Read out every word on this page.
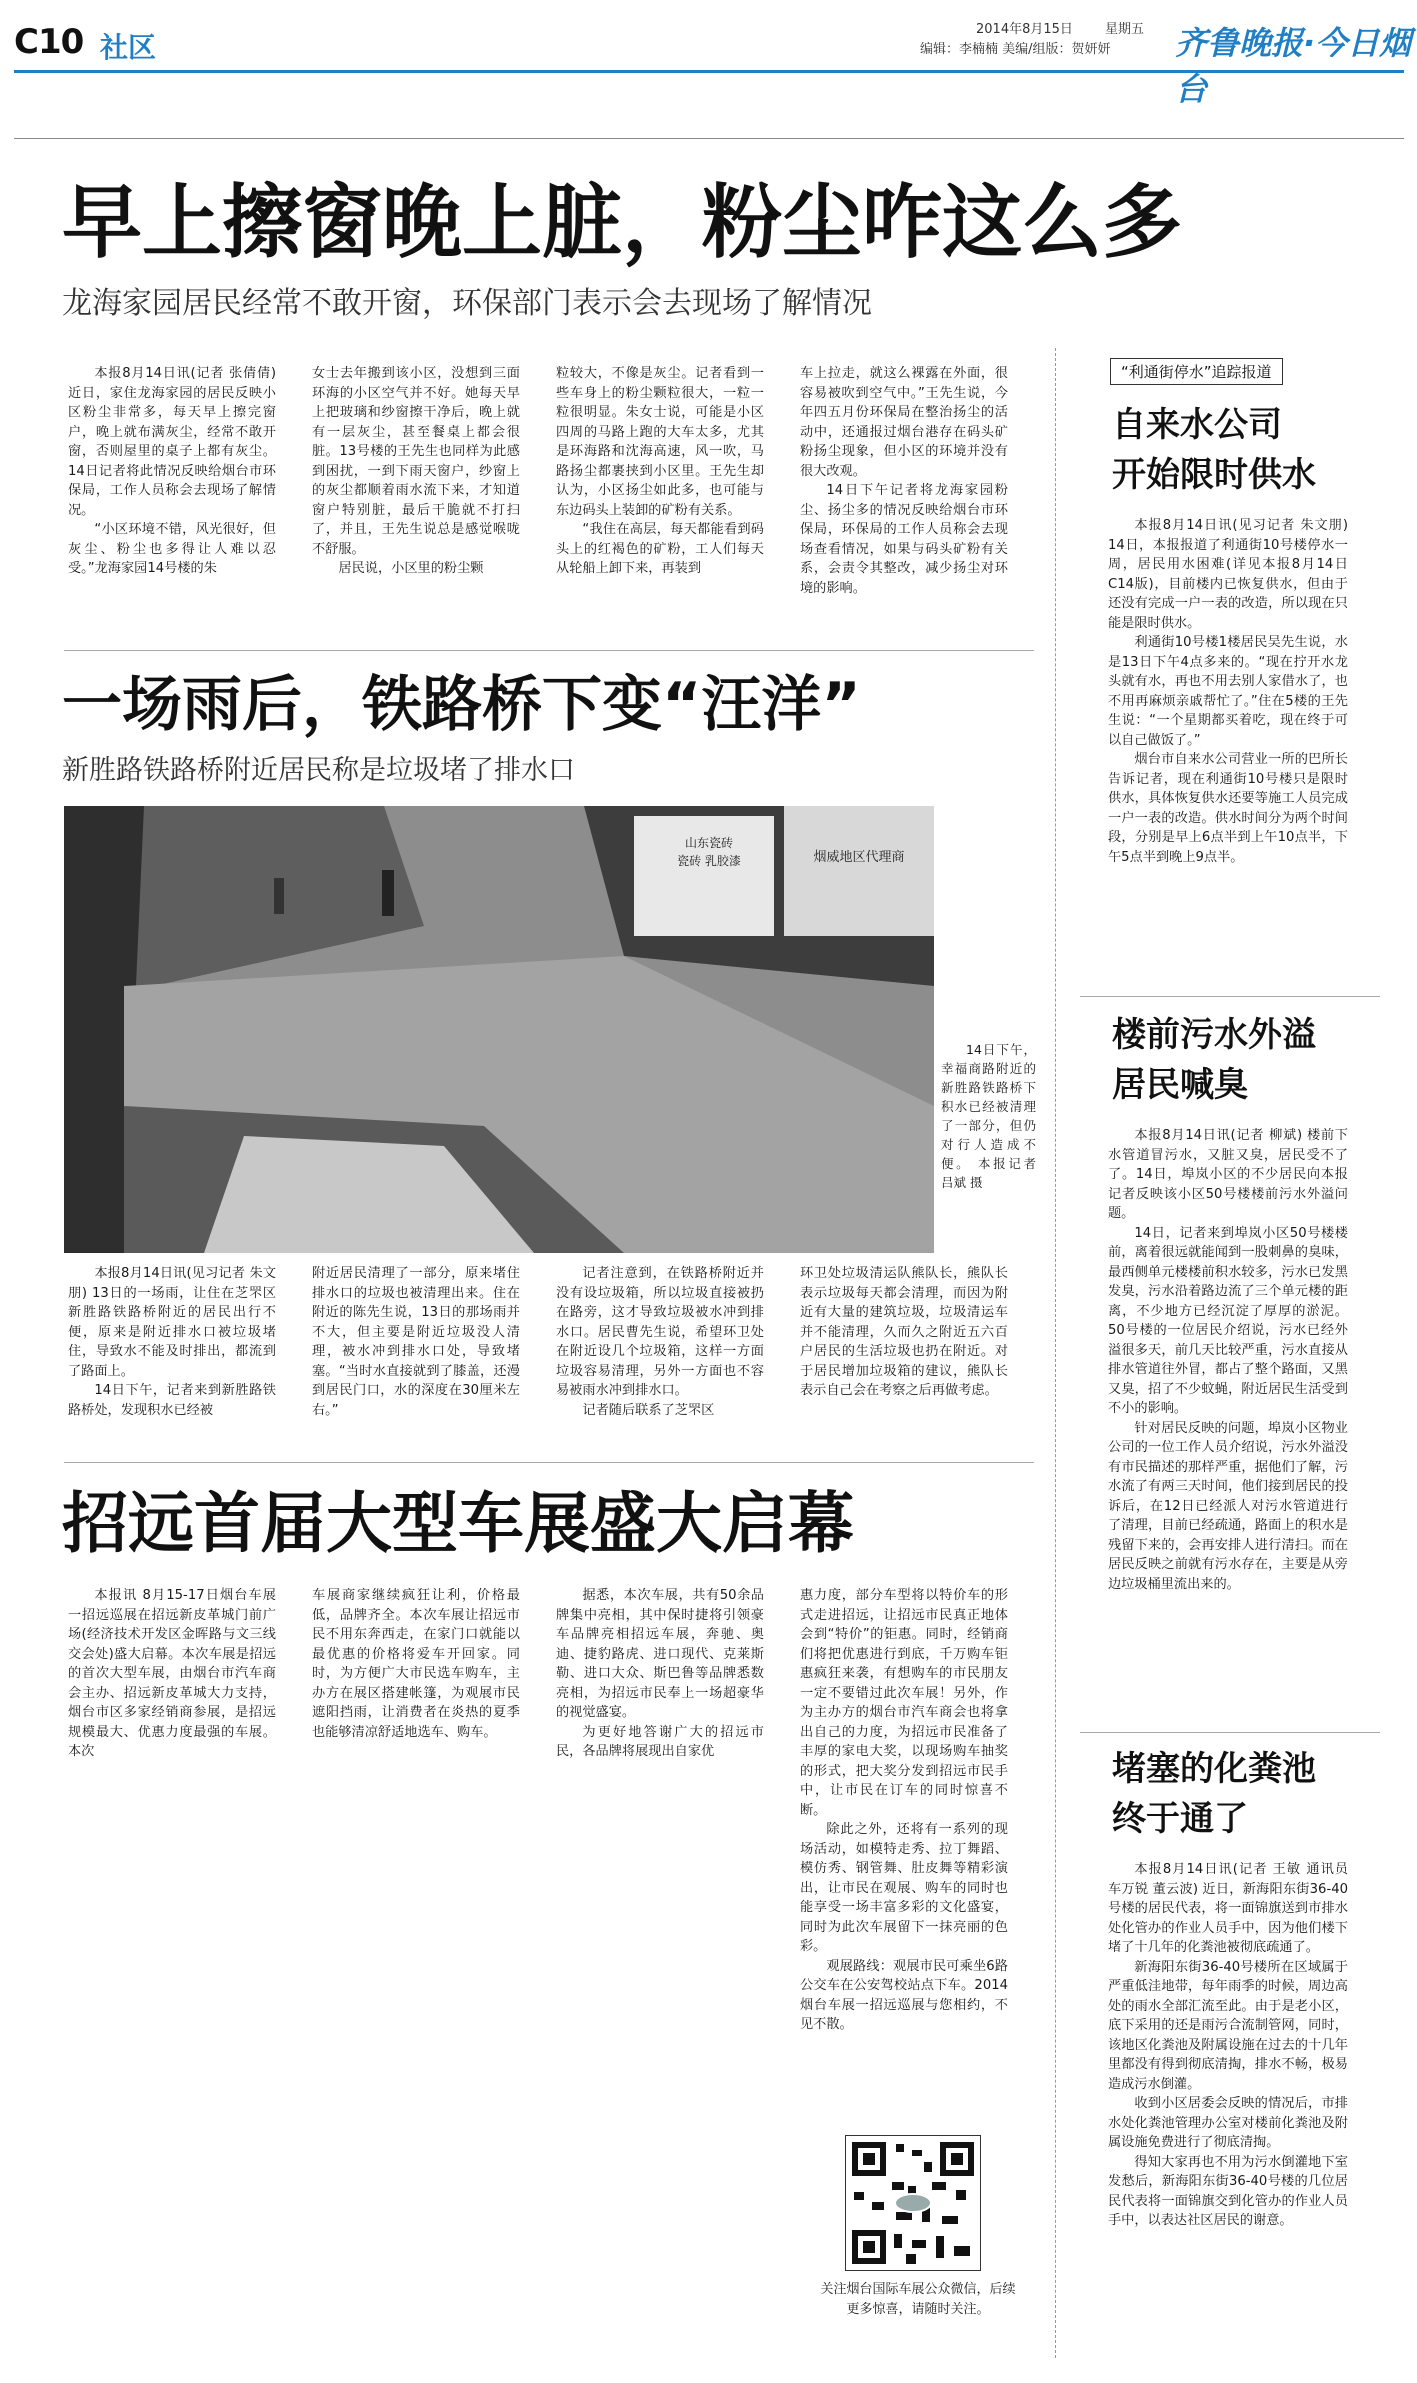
C10 社区
2014年8月15日 星期五
编辑：李楠楠 美编/组版：贺妍妍 齐鲁晚报·今日烟台
早上擦窗晚上脏，粉尘咋这么多
龙海家园居民经常不敢开窗，环保部门表示会去现场了解情况

本报8月14日讯(记者 张倩倩) 近日，家住龙海家园的居民反映小区粉尘非常多，每天早上擦完窗户，晚上就布满灰尘，经常不敢开窗，否则屋里的桌子上都有灰尘。14日记者将此情况反映给烟台市环保局，工作人员称会去现场了解情况。

“小区环境不错，风光很好，但灰尘、粉尘也多得让人难以忍受。”龙海家园14号楼的朱

女士去年搬到该小区，没想到三面环海的小区空气并不好。她每天早上把玻璃和纱窗擦干净后，晚上就有一层灰尘，甚至餐桌上都会很脏。13号楼的王先生也同样为此感到困扰，一到下雨天窗户，纱窗上的灰尘都顺着雨水流下来，才知道窗户特别脏，最后干脆就不打扫了，并且，王先生说总是感觉喉咙不舒服。

居民说，小区里的粉尘颗

粒较大，不像是灰尘。记者看到一些车身上的粉尘颗粒很大，一粒一粒很明显。朱女士说，可能是小区四周的马路上跑的大车太多，尤其是环海路和沈海高速，风一吹，马路扬尘都裹挟到小区里。王先生却认为，小区扬尘如此多，也可能与东边码头上装卸的矿粉有关系。

“我住在高层，每天都能看到码头上的红褐色的矿粉，工人们每天从轮船上卸下来，再装到

车上拉走，就这么裸露在外面，很容易被吹到空气中。”王先生说，今年四五月份环保局在整治扬尘的活动中，还通报过烟台港存在码头矿粉扬尘现象，但小区的环境并没有很大改观。

14日下午记者将龙海家园粉尘、扬尘多的情况反映给烟台市环保局，环保局的工作人员称会去现场查看情况，如果与码头矿粉有关系，会责令其整改，减少扬尘对环境的影响。

一场雨后，铁路桥下变“汪洋”
新胜路铁路桥附近居民称是垃圾堵了排水口
山东瓷砖
瓷砖 乳胶漆	烟威地区代理商

14日下午，幸福商路附近的新胜路铁路桥下积水已经被清理了一部分，但仍对行人造成不便。 本报记者 吕斌 摄

本报8月14日讯(见习记者 朱文朋) 13日的一场雨，让住在芝罘区新胜路铁路桥附近的居民出行不便，原来是附近排水口被垃圾堵住，导致水不能及时排出，都流到了路面上。

14日下午，记者来到新胜路铁路桥处，发现积水已经被

附近居民清理了一部分，原来堵住排水口的垃圾也被清理出来。住在附近的陈先生说，13日的那场雨并不大，但主要是附近垃圾没人清理，被水冲到排水口处，导致堵塞。“当时水直接就到了膝盖，还漫到居民门口，水的深度在30厘米左右。”

记者注意到，在铁路桥附近并没有设垃圾箱，所以垃圾直接被扔在路旁，这才导致垃圾被水冲到排水口。居民曹先生说，希望环卫处在附近设几个垃圾箱，这样一方面垃圾容易清理，另外一方面也不容易被雨水冲到排水口。

记者随后联系了芝罘区

环卫处垃圾清运队熊队长，熊队长表示垃圾每天都会清理，而因为附近有大量的建筑垃圾，垃圾清运车并不能清理，久而久之附近五六百户居民的生活垃圾也扔在附近。对于居民增加垃圾箱的建议，熊队长表示自己会在考察之后再做考虑。

招远首届大型车展盛大启幕

本报讯 8月15-17日烟台车展一招远巡展在招远新皮革城门前广场(经济技术开发区金晖路与文三线交会处)盛大启幕。本次车展是招远的首次大型车展，由烟台市汽车商会主办、招远新皮革城大力支持，烟台市区多家经销商参展，是招远规模最大、优惠力度最强的车展。本次

车展商家继续疯狂让利，价格最低，品牌齐全。本次车展让招远市民不用东奔西走，在家门口就能以最优惠的价格将爱车开回家。同时，为方便广大市民选车购车，主办方在展区搭建帐篷，为观展市民遮阳挡雨，让消费者在炎热的夏季也能够清凉舒适地选车、购车。

据悉，本次车展，共有50余品牌集中亮相，其中保时捷将引领豪车品牌亮相招远车展，奔驰、奥迪、捷豹路虎、进口现代、克莱斯勒、进口大众、斯巴鲁等品牌悉数亮相，为招远市民奉上一场超豪华的视觉盛宴。

为更好地答谢广大的招远市民，各品牌将展现出自家优

惠力度，部分车型将以特价车的形式走进招远，让招远市民真正地体会到“特价”的钜惠。同时，经销商们将把优惠进行到底，千万购车钜惠疯狂来袭，有想购车的市民朋友一定不要错过此次车展！另外，作为主办方的烟台市汽车商会也将拿出自己的力度，为招远市民准备了丰厚的家电大奖，以现场购车抽奖的形式，把大奖分发到招远市民手中，让市民在订车的同时惊喜不断。

除此之外，还将有一系列的现场活动，如模特走秀、拉丁舞蹈、模仿秀、钢管舞、肚皮舞等精彩演出，让市民在观展、购车的同时也能享受一场丰富多彩的文化盛宴，同时为此次车展留下一抹亮丽的色彩。

观展路线：观展市民可乘坐6路公交车在公安驾校站点下车。2014烟台车展一招远巡展与您相约，不见不散。

关注烟台国际车展公众微信，后续更多惊喜，请随时关注。

“利通街停水”追踪报道
自来水公司
开始限时供水

本报8月14日讯(见习记者 朱文朋) 14日，本报报道了利通街10号楼停水一周，居民用水困难(详见本报8月14日C14版)，目前楼内已恢复供水，但由于还没有完成一户一表的改造，所以现在只能是限时供水。

利通街10号楼1楼居民吴先生说，水是13日下午4点多来的。“现在拧开水龙头就有水，再也不用去别人家借水了，也不用再麻烦亲戚帮忙了。”住在5楼的王先生说：“一个星期都买着吃，现在终于可以自己做饭了。”

烟台市自来水公司营业一所的巴所长告诉记者，现在利通街10号楼只是限时供水，具体恢复供水还要等施工人员完成一户一表的改造。供水时间分为两个时间段，分别是早上6点半到上午10点半，下午5点半到晚上9点半。

楼前污水外溢
居民喊臭

本报8月14日讯(记者 柳斌) 楼前下水管道冒污水，又脏又臭，居民受不了了。14日，埠岚小区的不少居民向本报记者反映该小区50号楼楼前污水外溢问题。

14日，记者来到埠岚小区50号楼楼前，离着很远就能闻到一股刺鼻的臭味，最西侧单元楼楼前积水较多，污水已发黑发臭，污水沿着路边流了三个单元楼的距离，不少地方已经沉淀了厚厚的淤泥。50号楼的一位居民介绍说，污水已经外溢很多天，前几天比较严重，污水直接从排水管道往外冒，都占了整个路面，又黑又臭，招了不少蚊蝇，附近居民生活受到不小的影响。

针对居民反映的问题，埠岚小区物业公司的一位工作人员介绍说，污水外溢没有市民描述的那样严重，据他们了解，污水流了有两三天时间，他们接到居民的投诉后，在12日已经派人对污水管道进行了清理，目前已经疏通，路面上的积水是残留下来的，会再安排人进行清扫。而在居民反映之前就有污水存在，主要是从旁边垃圾桶里流出来的。

堵塞的化粪池
终于通了

本报8月14日讯(记者 王敏 通讯员 车万锐 董云波) 近日，新海阳东街36-40号楼的居民代表，将一面锦旗送到市排水处化管办的作业人员手中，因为他们楼下堵了十几年的化粪池被彻底疏通了。

新海阳东街36-40号楼所在区域属于严重低洼地带，每年雨季的时候，周边高处的雨水全部汇流至此。由于是老小区，底下采用的还是雨污合流制管网，同时，该地区化粪池及附属设施在过去的十几年里都没有得到彻底清掏，排水不畅，极易造成污水倒灌。

收到小区居委会反映的情况后，市排水处化粪池管理办公室对楼前化粪池及附属设施免费进行了彻底清掏。

得知大家再也不用为污水倒灌地下室发愁后，新海阳东街36-40号楼的几位居民代表将一面锦旗交到化管办的作业人员手中，以表达社区居民的谢意。
